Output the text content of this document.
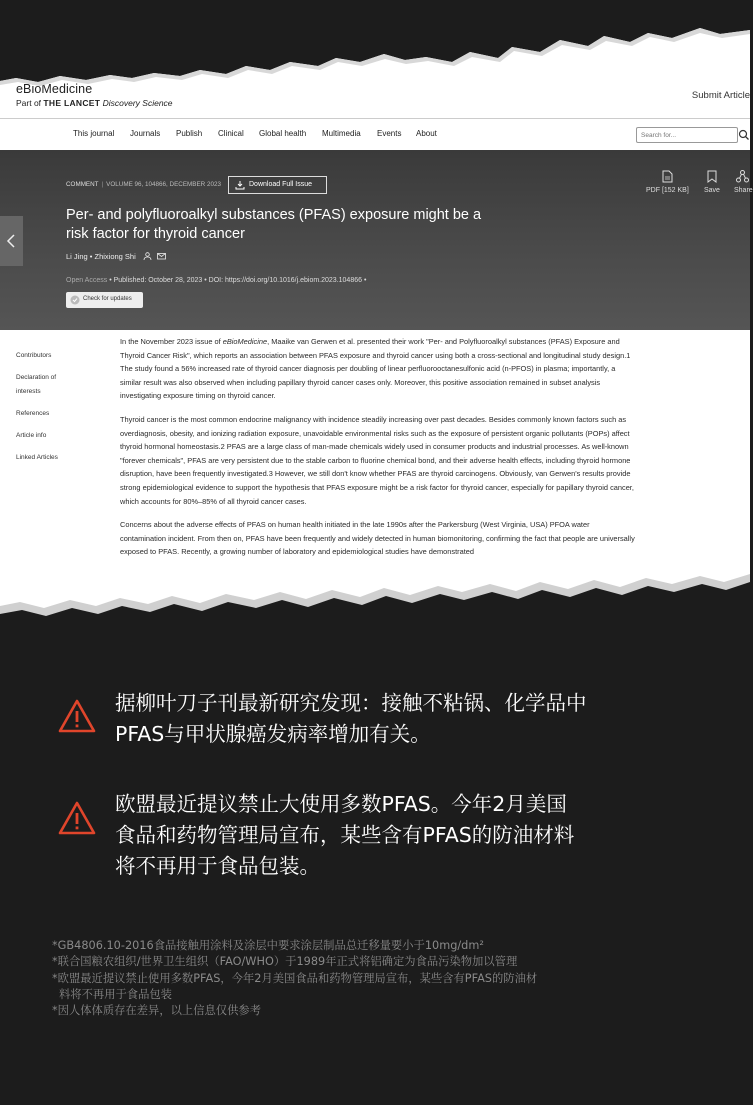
eBioMedicine
Part of THE LANCET Discovery Science
Submit Article
This journal Journals Publish Clinical Global health Multimedia Events About
Search for...
COMMENT | VOLUME 96, 104866, DECEMBER 2023	Download Full Issue
Per- and polyfluoroalkyl substances (PFAS) exposure might be a risk factor for thyroid cancer
Li Jing • Zhixiong Shi
Open Access • Published: October 28, 2023 • DOI: https://doi.org/10.1016/j.ebiom.2023.104866 •
Check for updates
PDF [152 KB] Save Share
Contributors
Declaration of
interests
References
Article info
Linked Articles

In the November 2023 issue of eBioMedicine, Maaike van Gerwen et al. presented their work "Per- and Polyfluoroalkyl substances (PFAS) Exposure and Thyroid Cancer Risk", which reports an association between PFAS exposure and thyroid cancer using both a cross-sectional and longitudinal study design.1 The study found a 56% increased rate of thyroid cancer diagnosis per doubling of linear perfluorooctanesulfonic acid (n-PFOS) in plasma; importantly, a similar result was also observed when including papillary thyroid cancer cases only. Moreover, this positive association remained in subset analysis investigating exposure timing on thyroid cancer.

Thyroid cancer is the most common endocrine malignancy with incidence steadily increasing over past decades. Besides commonly known factors such as overdiagnosis, obesity, and ionizing radiation exposure, unavoidable environmental risks such as the exposure of persistent organic pollutants (POPs) affect thyroid hormonal homeostasis.2 PFAS are a large class of man-made chemicals widely used in consumer products and industrial processes. As well-known "forever chemicals", PFAS are very persistent due to the stable carbon to fluorine chemical bond, and their adverse health effects, including thyroid hormone disruption, have been frequently investigated.3 However, we still don't know whether PFAS are thyroid carcinogens. Obviously, van Gerwen's results provide strong epidemiological evidence to support the hypothesis that PFAS exposure might be a risk factor for thyroid cancer, especially for papillary thyroid cancer, which accounts for 80%–85% of all thyroid cancer cases.

Concerns about the adverse effects of PFAS on human health initiated in the late 1990s after the Parkersburg (West Virginia, USA) PFOA water contamination incident. From then on, PFAS have been frequently and widely detected in human biomonitoring, confirming the fact that people are universally exposed to PFAS. Recently, a growing number of laboratory and epidemiological studies have demonstrated

据柳叶刀子刊最新研究发现：接触不粘锅、化学品中
PFAS与甲状腺癌发病率增加有关。
欧盟最近提议禁止大使用多数PFAS。今年2月美国
食品和药物管理局宣布，某些含有PFAS的防油材料
将不再用于食品包装。
*GB4806.10-2016食品接触用涂料及涂层中要求涂层制品总迁移量要小于10mg/dm²
*联合国粮农组织/世界卫生组织（FAO/WHO）于1989年正式将铝确定为食品污染物加以管理
*欧盟最近提议禁止使用多数PFAS，今年2月美国食品和药物管理局宣布，某些含有PFAS的防油材
料将不再用于食品包装
*因人体体质存在差异，以上信息仅供参考
